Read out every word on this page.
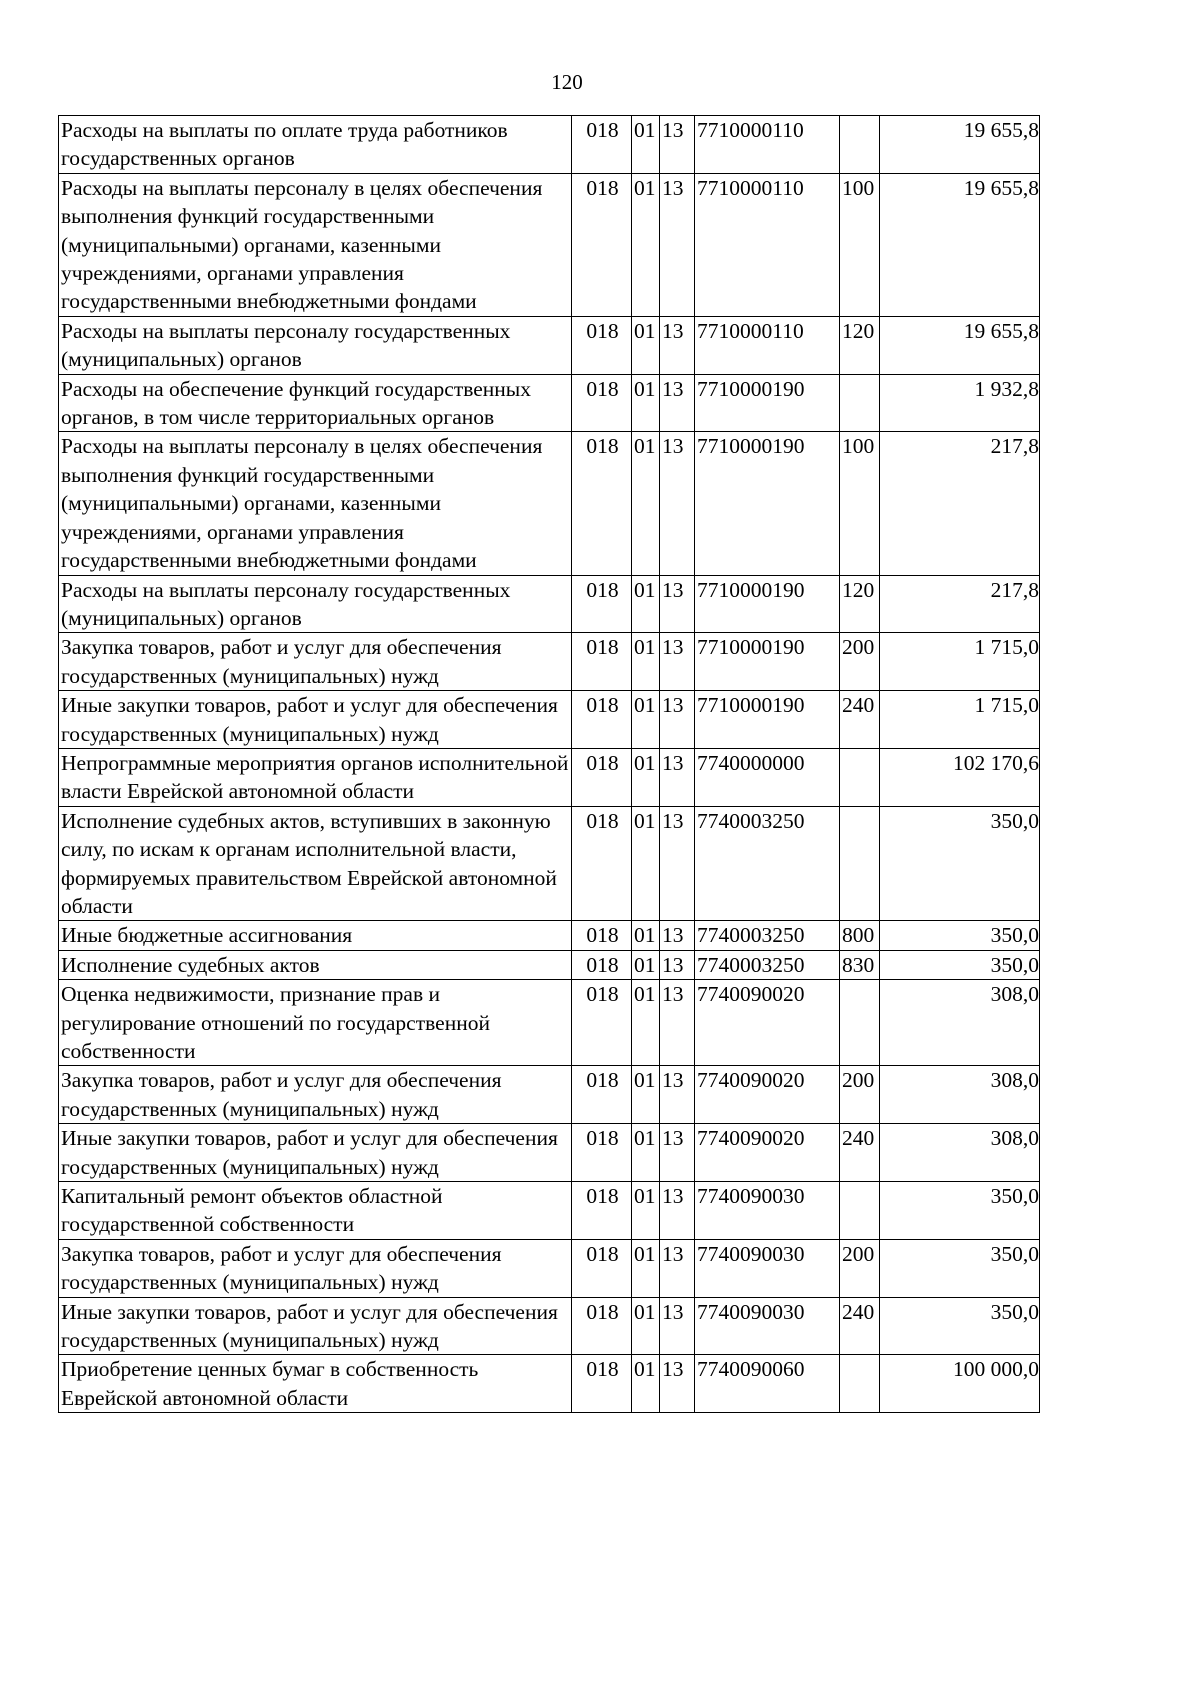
120
Расходы на выплаты по оплате труда работников государственных органов	018	01	13	7710000110		19 655,8
Расходы на выплаты персоналу в целях обеспечения выполнения функций государственными (муниципальными) органами, казенными учреждениями, органами управления государственными внебюджетными фондами	018	01	13	7710000110	100	19 655,8
Расходы на выплаты персоналу государственных (муниципальных) органов	018	01	13	7710000110	120	19 655,8
Расходы на обеспечение функций государственных органов, в том числе территориальных органов	018	01	13	7710000190		1 932,8
Расходы на выплаты персоналу в целях обеспечения выполнения функций государственными (муниципальными) органами, казенными учреждениями, органами управления государственными внебюджетными фондами	018	01	13	7710000190	100	217,8
Расходы на выплаты персоналу государственных (муниципальных) органов	018	01	13	7710000190	120	217,8
Закупка товаров, работ и услуг для обеспечения государственных (муниципальных) нужд	018	01	13	7710000190	200	1 715,0
Иные закупки товаров, работ и услуг для обеспечения государственных (муниципальных) нужд	018	01	13	7710000190	240	1 715,0
Непрограммные мероприятия органов исполнительной власти Еврейской автономной области	018	01	13	7740000000		102 170,6
Исполнение судебных актов, вступивших в законную силу, по искам к органам исполнительной власти, формируемых правительством Еврейской автономной области	018	01	13	7740003250		350,0
Иные бюджетные ассигнования	018	01	13	7740003250	800	350,0
Исполнение судебных актов	018	01	13	7740003250	830	350,0
Оценка недвижимости, признание прав и регулирование отношений по государственной собственности	018	01	13	7740090020		308,0
Закупка товаров, работ и услуг для обеспечения государственных (муниципальных) нужд	018	01	13	7740090020	200	308,0
Иные закупки товаров, работ и услуг для обеспечения государственных (муниципальных) нужд	018	01	13	7740090020	240	308,0
Капитальный ремонт объектов областной государственной собственности	018	01	13	7740090030		350,0
Закупка товаров, работ и услуг для обеспечения государственных (муниципальных) нужд	018	01	13	7740090030	200	350,0
Иные закупки товаров, работ и услуг для обеспечения государственных (муниципальных) нужд	018	01	13	7740090030	240	350,0
Приобретение ценных бумаг в собственность Еврейской автономной области	018	01	13	7740090060		100 000,0
